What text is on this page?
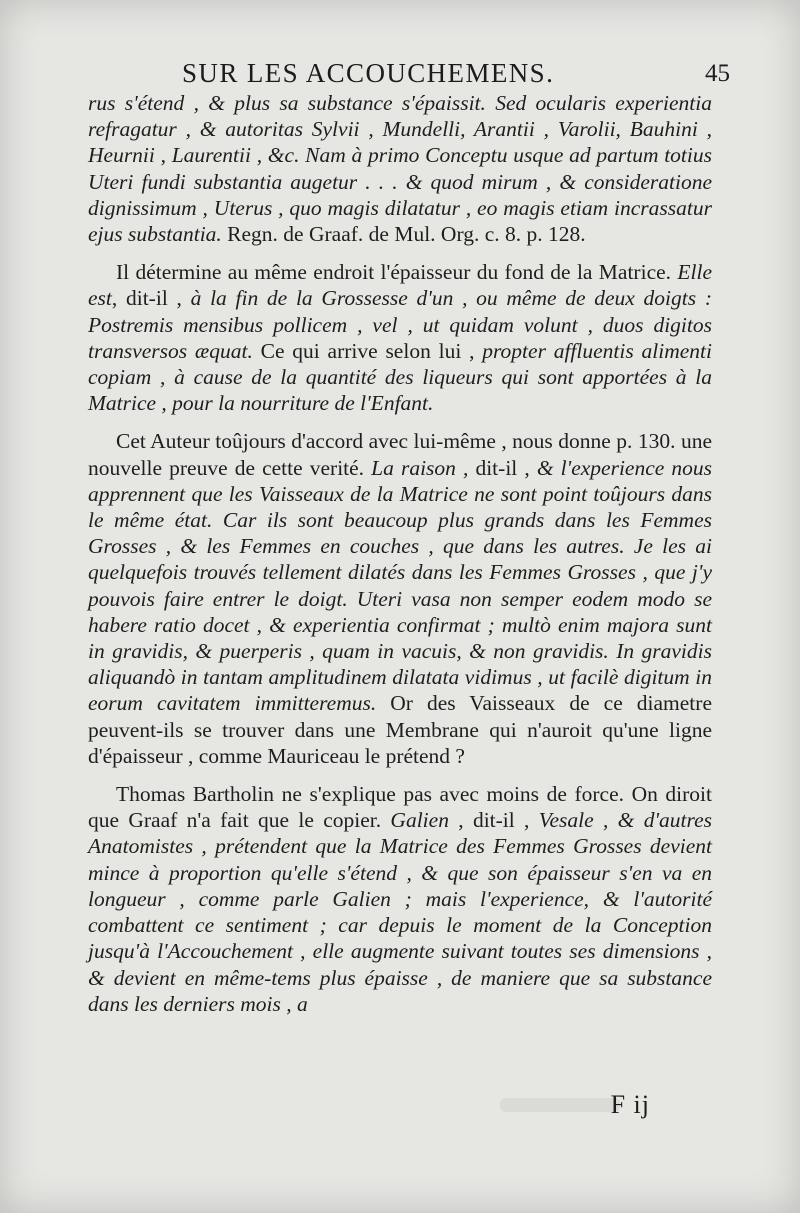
SUR LES ACCOUCHEMENS.	45

rus s'étend , & plus sa substance s'épaissit. Sed ocularis experientia refragatur , & autoritas Sylvii , Mundelli, Arantii , Varolii, Bauhini , Heurnii , Laurentii , &c. Nam à primo Conceptu usque ad partum totius Uteri fundi substantia augetur . . . & quod mirum , & consideratione dignissimum , Uterus , quo magis dilatatur , eo magis etiam incrassatur ejus substantia. Regn. de Graaf. de Mul. Org. c. 8. p. 128.

Il détermine au même endroit l'épaisseur du fond de la Matrice. Elle est, dit-il , à la fin de la Grossesse d'un , ou même de deux doigts : Postremis mensibus pollicem , vel , ut quidam volunt , duos digitos transversos æquat. Ce qui arrive selon lui , propter affluentis alimenti copiam , à cause de la quantité des liqueurs qui sont apportées à la Matrice , pour la nourriture de l'Enfant.

Cet Auteur toûjours d'accord avec lui-même , nous donne p. 130. une nouvelle preuve de cette verité. La raison , dit-il , & l'experience nous apprennent que les Vaisseaux de la Matrice ne sont point toûjours dans le même état. Car ils sont beaucoup plus grands dans les Femmes Grosses , & les Femmes en couches , que dans les autres. Je les ai quelquefois trouvés tellement dilatés dans les Femmes Grosses , que j'y pouvois faire entrer le doigt. Uteri vasa non semper eodem modo se habere ratio docet , & experientia confirmat ; multò enim majora sunt in gravidis, & puerperis , quam in vacuis, & non gravidis. In gravidis aliquandò in tantam amplitudinem dilatata vidimus , ut facilè digitum in eorum cavitatem immitteremus. Or des Vaisseaux de ce diametre peuvent-ils se trouver dans une Membrane qui n'auroit qu'une ligne d'épaisseur , comme Mauriceau le prétend ?

Thomas Bartholin ne s'explique pas avec moins de force. On diroit que Graaf n'a fait que le copier. Galien , dit-il , Vesale , & d'autres Anatomistes , prétendent que la Matrice des Femmes Grosses devient mince à proportion qu'elle s'étend , & que son épaisseur s'en va en longueur , comme parle Galien ; mais l'experience, & l'autorité combattent ce sentiment ; car depuis le moment de la Conception jusqu'à l'Accouchement , elle augmente suivant toutes ses dimensions , & devient en même-tems plus épaisse , de maniere que sa substance dans les derniers mois , a

F ij
